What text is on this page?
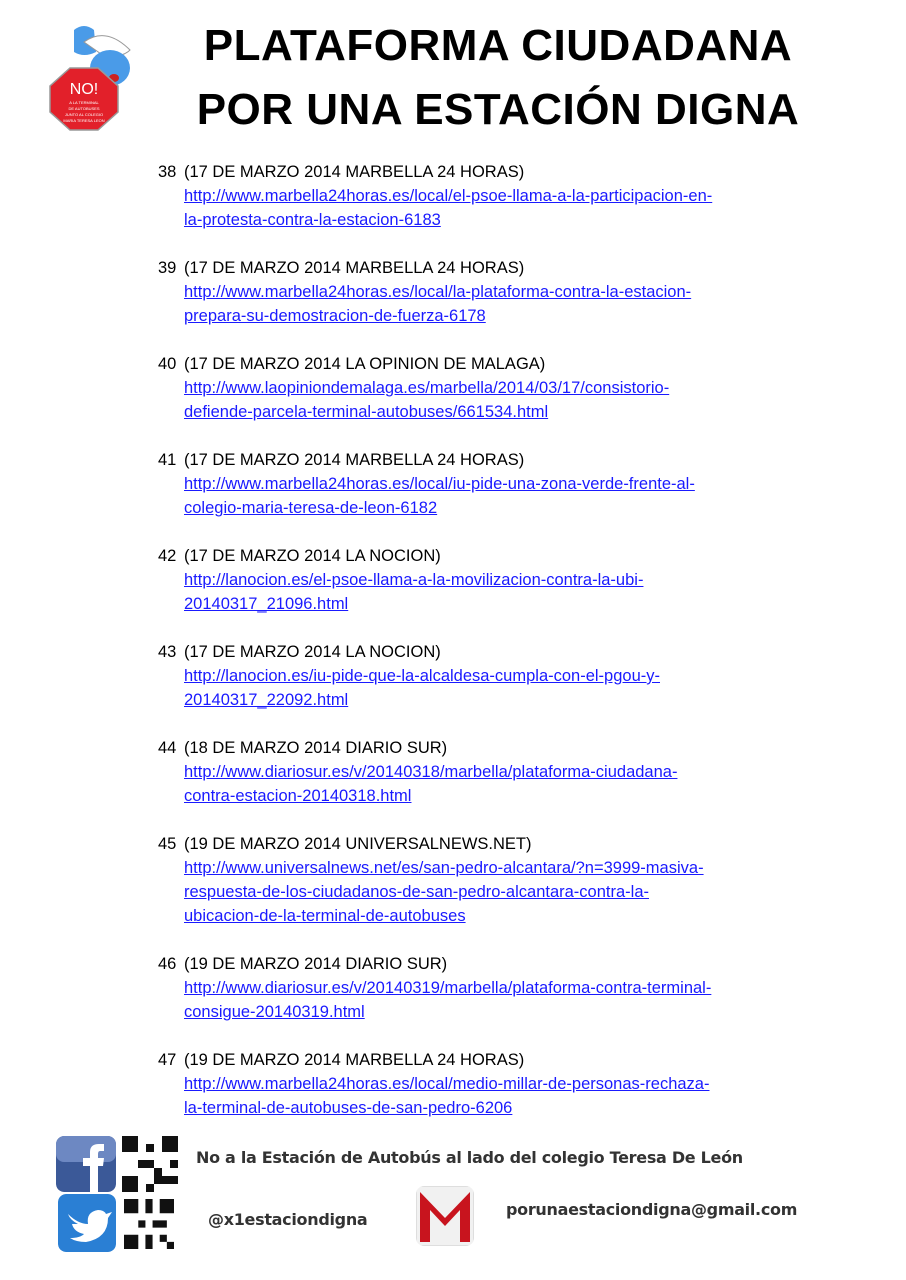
NO!
A LA TERMINAL
DE AUTOBUSES
JUNTO AL COLEGIO
MARIA TERESA LEON
PLATAFORMA CIUDADANA
POR UNA ESTACIÓN DIGNA
38 (17 DE MARZO 2014 MARBELLA 24 HORAS)
http://www.marbella24horas.es/local/el-psoe-llama-a-la-participacion-en-
la-protesta-contra-la-estacion-6183
39 (17 DE MARZO 2014 MARBELLA 24 HORAS)
http://www.marbella24horas.es/local/la-plataforma-contra-la-estacion-
prepara-su-demostracion-de-fuerza-6178
40 (17 DE MARZO 2014 LA OPINION DE MALAGA)
http://www.laopiniondemalaga.es/marbella/2014/03/17/consistorio-
defiende-parcela-terminal-autobuses/661534.html
41 (17 DE MARZO 2014 MARBELLA 24 HORAS)
http://www.marbella24horas.es/local/iu-pide-una-zona-verde-frente-al-
colegio-maria-teresa-de-leon-6182
42 (17 DE MARZO 2014 LA NOCION)
http://lanocion.es/el-psoe-llama-a-la-movilizacion-contra-la-ubi-
20140317_21096.html
43 (17 DE MARZO 2014 LA NOCION)
http://lanocion.es/iu-pide-que-la-alcaldesa-cumpla-con-el-pgou-y-
20140317_22092.html
44 (18 DE MARZO 2014 DIARIO SUR)
http://www.diariosur.es/v/20140318/marbella/plataforma-ciudadana-
contra-estacion-20140318.html
45 (19 DE MARZO 2014 UNIVERSALNEWS.NET)
http://www.universalnews.net/es/san-pedro-alcantara/?n=3999-masiva-
respuesta-de-los-ciudadanos-de-san-pedro-alcantara-contra-la-
ubicacion-de-la-terminal-de-autobuses
46 (19 DE MARZO 2014 DIARIO SUR)
http://www.diariosur.es/v/20140319/marbella/plataforma-contra-terminal-
consigue-20140319.html
47 (19 DE MARZO 2014 MARBELLA 24 HORAS)
http://www.marbella24horas.es/local/medio-millar-de-personas-rechaza-
la-terminal-de-autobuses-de-san-pedro-6206
No a la Estación de Autobús al lado del colegio Teresa De León
@x1estaciondigna
porunaestaciondigna@gmail.com
